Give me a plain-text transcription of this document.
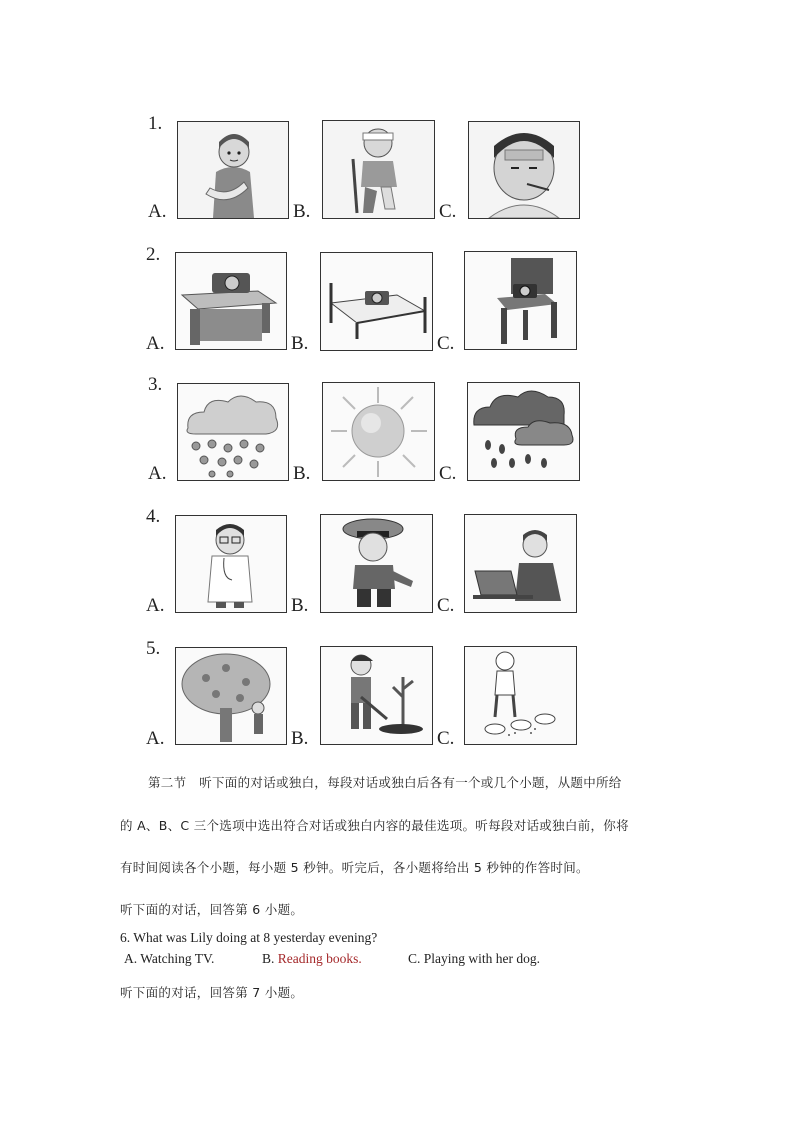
1.
A.	B.	C.
2.
A.	B.	C.
3.
A.	B.	C.
4.
A.	B.	C.
5.
A.	B.	C.
第二节　听下面的对话或独白，每段对话或独白后各有一个或几个小题，从题中所给
的 A、B、C 三个选项中选出符合对话或独白内容的最佳选项。听每段对话或独白前，你将
有时间阅读各个小题，每小题 5 秒钟。听完后，各小题将给出 5 秒钟的作答时间。
听下面的对话，回答第 6 小题。
6. What was Lily doing at 8 yesterday evening?
A. Watching TV.	B. Reading books.	C. Playing with her dog.
听下面的对话，回答第 7 小题。
